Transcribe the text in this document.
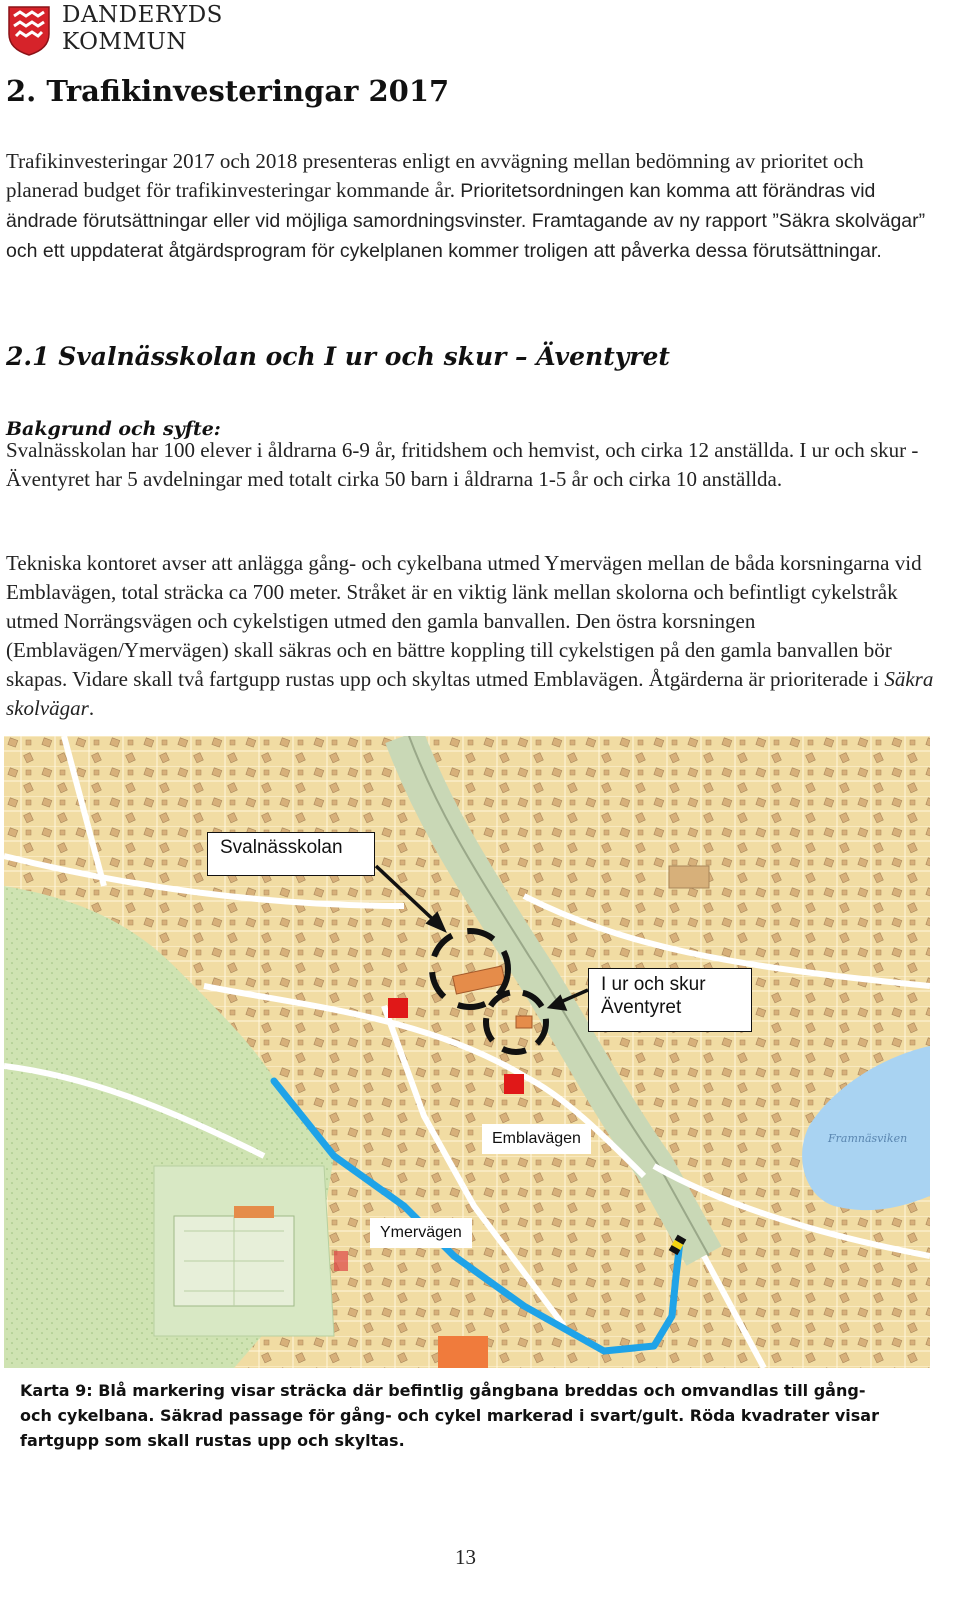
DANDERYDS
KOMMUN
2. Trafikinvesteringar 2017
Trafikinvesteringar 2017 och 2018 presenteras enligt en avvägning mellan bedömning av prioritet och planerad budget för trafikinvesteringar kommande år. Prioritetsordningen kan komma att förändras vid ändrade förutsättningar eller vid möjliga samordningsvinster. Framtagande av ny rapport ”Säkra skolvägar” och ett uppdaterat åtgärdsprogram för cykelplanen kommer troligen att påverka dessa förutsättningar.
2.1 Svalnässkolan och I ur och skur – Äventyret
Bakgrund och syfte:
Svalnässkolan har 100 elever i åldrarna 6-9 år, fritidshem och hemvist, och cirka 12 anställda. I ur och skur - Äventyret har 5 avdelningar med totalt cirka 50 barn i åldrarna 1-5 år och cirka 10 anställda.
Tekniska kontoret avser att anlägga gång- och cykelbana utmed Ymervägen mellan de båda korsningarna vid Emblavägen, total sträcka ca 700 meter. Stråket är en viktig länk mellan skolorna och befintligt cykelstråk utmed Norrängsvägen och cykelstigen utmed den gamla banvallen. Den östra korsningen (Emblavägen/Ymervägen) skall säkras och en bättre koppling till cykelstigen på den gamla banvallen bör skapas. Vidare skall två fartgupp rustas upp och skyltas utmed Emblavägen. Åtgärderna är prioriterade i Säkra skolvägar.
Framnäsviken
Svalnässkolan
I ur och skur
Äventyret
Emblavägen
Ymervägen
Karta 9: Blå markering visar sträcka där befintlig gångbana breddas och omvandlas till gång- och cykelbana. Säkrad passage för gång- och cykel markerad i svart/gult. Röda kvadrater visar fartgupp som skall rustas upp och skyltas.
13
